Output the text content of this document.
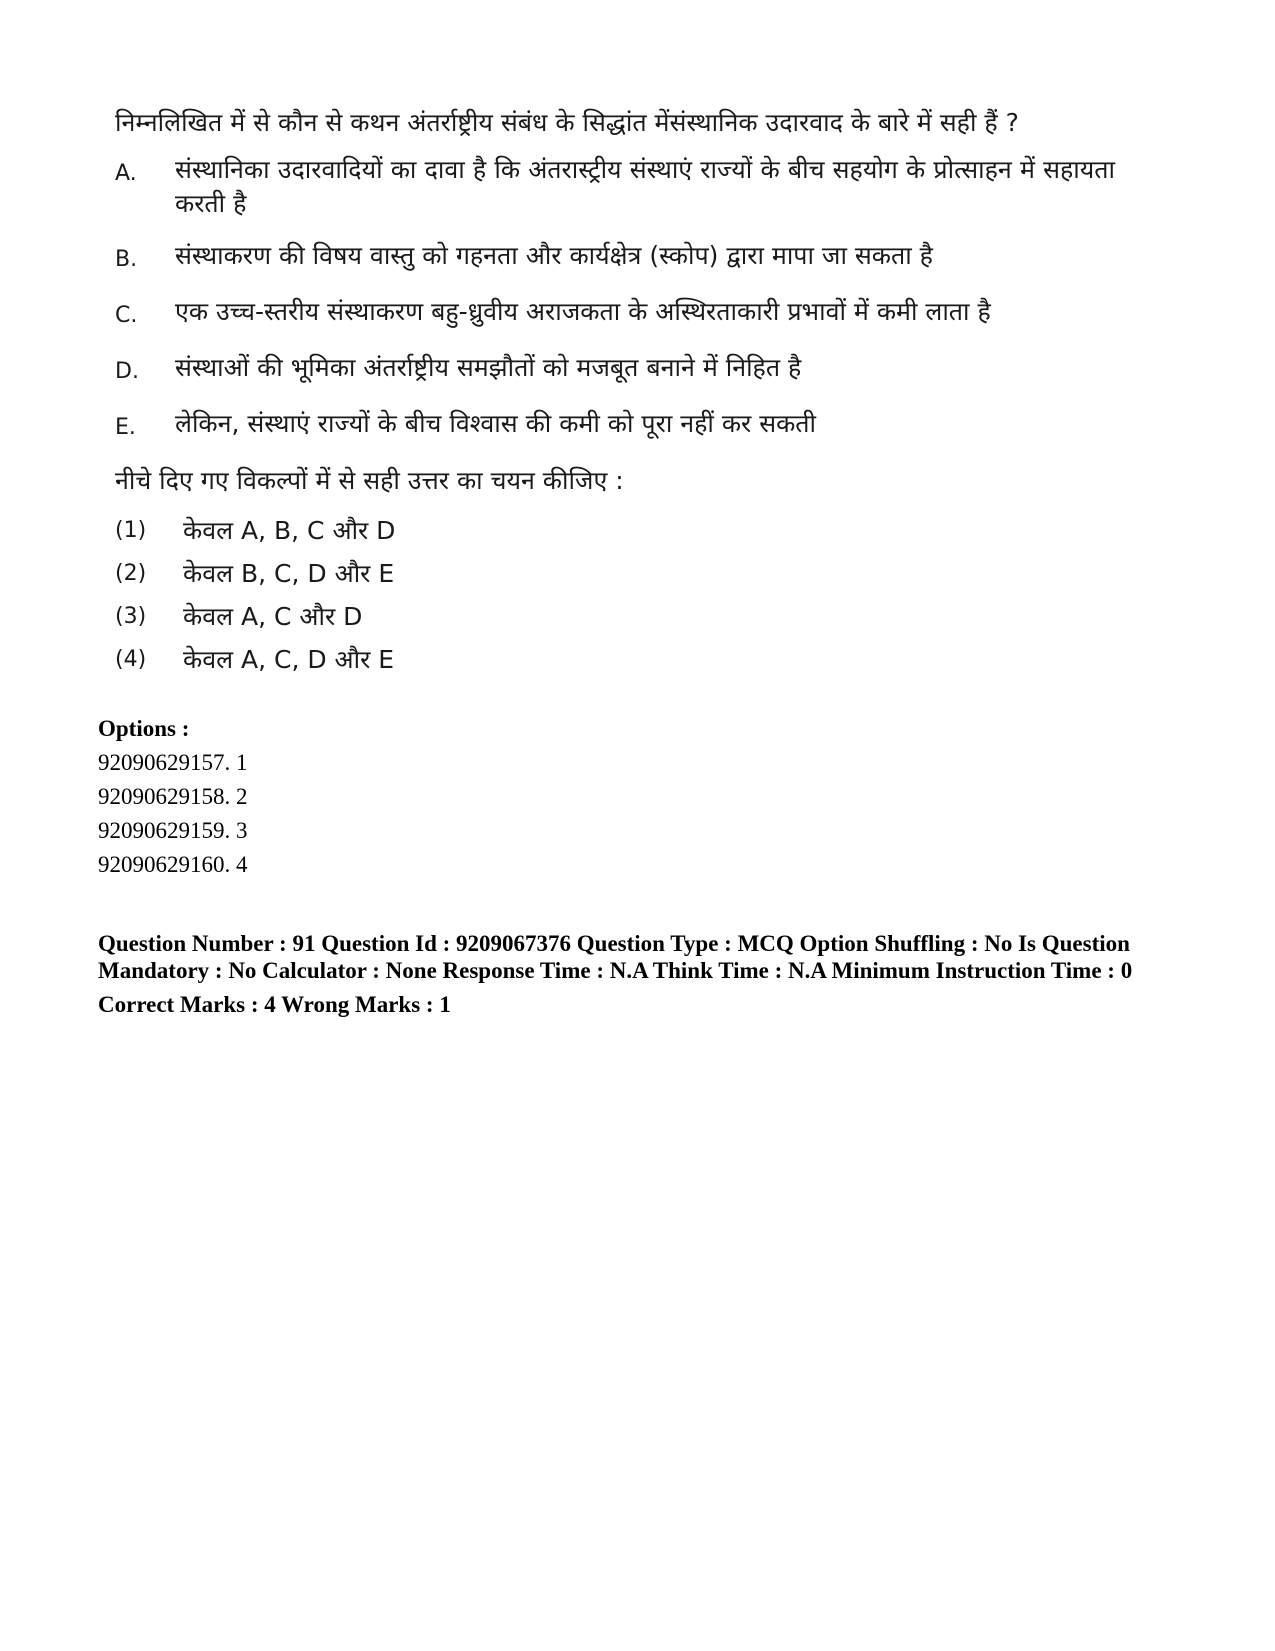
निम्नलिखित में से कौन से कथन अंतर्राष्ट्रीय संबंध के सिद्धांत मेंसंस्थानिक उदारवाद के बारे में सही हैं ?
A.	संस्थानिका उदारवादियों का दावा है कि अंतरास्ट्रीय संस्थाएं राज्यों के बीच सहयोग के प्रोत्साहन में सहायता करती है
B.	संस्थाकरण की विषय वास्तु को गहनता और कार्यक्षेत्र (स्कोप) द्वारा मापा जा सकता है
C.	एक उच्च-स्तरीय संस्थाकरण बहु-ध्रुवीय अराजकता के अस्थिरताकारी प्रभावों में कमी लाता है
D.	संस्थाओं की भूमिका अंतर्राष्ट्रीय समझौतों को मजबूत बनाने में निहित है
E.	लेकिन, संस्थाएं राज्यों के बीच विश्वास की कमी को पूरा नहीं कर सकती
नीचे दिए गए विकल्पों में से सही उत्तर का चयन कीजिए :
(1)	केवल A, B, C और D
(2)	केवल B, C, D और E
(3)	केवल A, C और D
(4)	केवल A, C, D और E
Options :
92090629157. 1
92090629158. 2
92090629159. 3
92090629160. 4
Question Number : 91 Question Id : 9209067376 Question Type : MCQ Option Shuffling : No Is Question Mandatory : No Calculator : None Response Time : N.A Think Time : N.A Minimum Instruction Time : 0
Correct Marks : 4 Wrong Marks : 1
